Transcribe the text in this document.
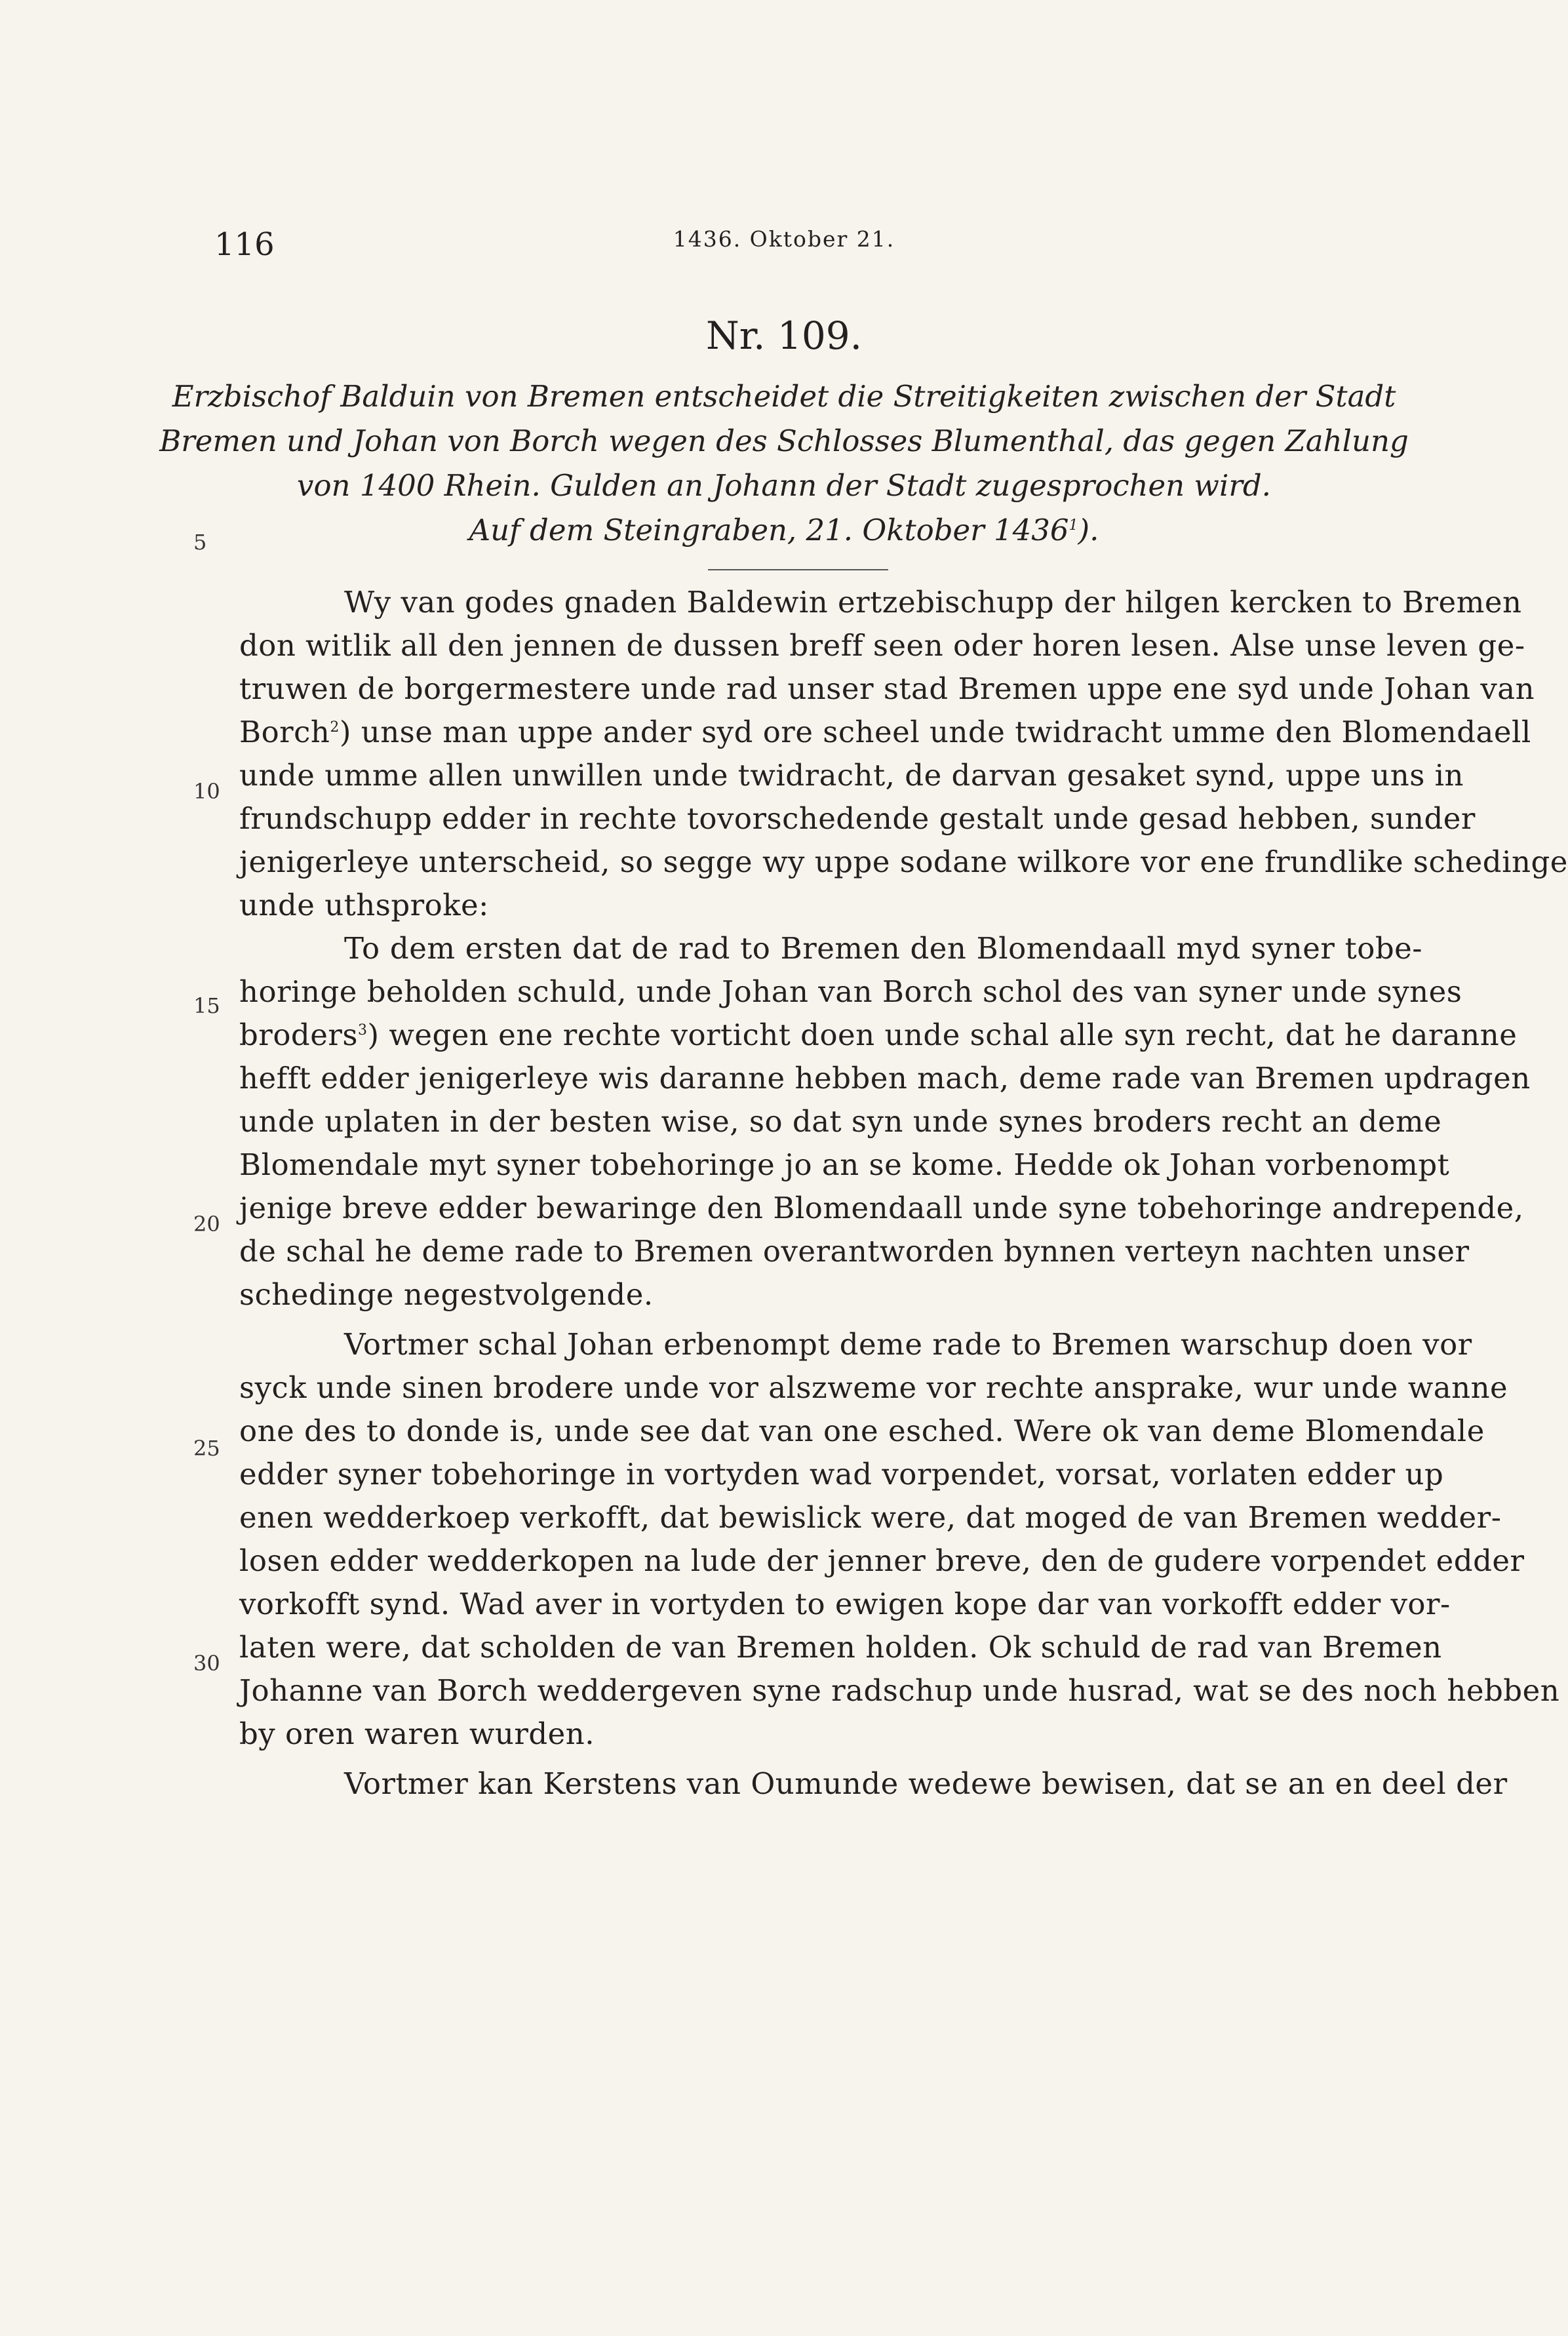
116	1436. Oktober 21.
Nr. 109.
Erzbischof Balduin von Bremen entscheidet die Streitigkeiten zwischen der Stadt
Bremen und Johan von Borch wegen des Schlosses Blumenthal, das gegen Zahlung
von 1400 Rhein. Gulden an Johann der Stadt zugesprochen wird.
Auf dem Steingraben, 21. Oktober 1436$^1$).
5
10
15
20
25
30
Wy van godes gnaden Baldewin ertzebischupp der hilgen kercken to Bremen
don witlik all den jennen de dussen breff seen oder horen lesen. Alse unse leven ge-
truwen de borgermestere unde rad unser stad Bremen uppe ene syd unde Johan van
Borch$^2$) unse man uppe ander syd ore scheel unde twidracht umme den Blomendaell
unde umme allen unwillen unde twidracht, de darvan gesaket synd, uppe uns in
frundschupp edder in rechte tovorschedende gestalt unde gesad hebben, sunder
jenigerleye unterscheid, so segge wy uppe sodane wilkore vor ene frundlike schedinge
unde uthsproke:
To dem ersten dat de rad to Bremen den Blomendaall myd syner tobe-
horinge beholden schuld, unde Johan van Borch schol des van syner unde synes
broders$^3$) wegen ene rechte vorticht doen unde schal alle syn recht, dat he daranne
hefft edder jenigerleye wis daranne hebben mach, deme rade van Bremen updragen
unde uplaten in der besten wise, so dat syn unde synes broders recht an deme
Blomendale myt syner tobehoringe jo an se kome. Hedde ok Johan vorbenompt
jenige breve edder bewaringe den Blomendaall unde syne tobehoringe andrepende,
de schal he deme rade to Bremen overantworden bynnen verteyn nachten unser
schedinge negestvolgende.
Vortmer schal Johan erbenompt deme rade to Bremen warschup doen vor
syck unde sinen brodere unde vor alszweme vor rechte ansprake, wur unde wanne
one des to donde is, unde see dat van one esched. Were ok van deme Blomendale
edder syner tobehoringe in vortyden wad vorpendet, vorsat, vorlaten edder up
enen wedderkoep verkofft, dat bewislick were, dat moged de van Bremen wedder-
losen edder wedderkopen na lude der jenner breve, den de gudere vorpendet edder
vorkofft synd. Wad aver in vortyden to ewigen kope dar van vorkofft edder vor-
laten were, dat scholden de van Bremen holden. Ok schuld de rad van Bremen
Johanne van Borch weddergeven syne radschup unde husrad, wat se des noch hebben
by oren waren wurden.
Vortmer kan Kerstens van Oumunde wedewe bewisen, dat se an en deel der
